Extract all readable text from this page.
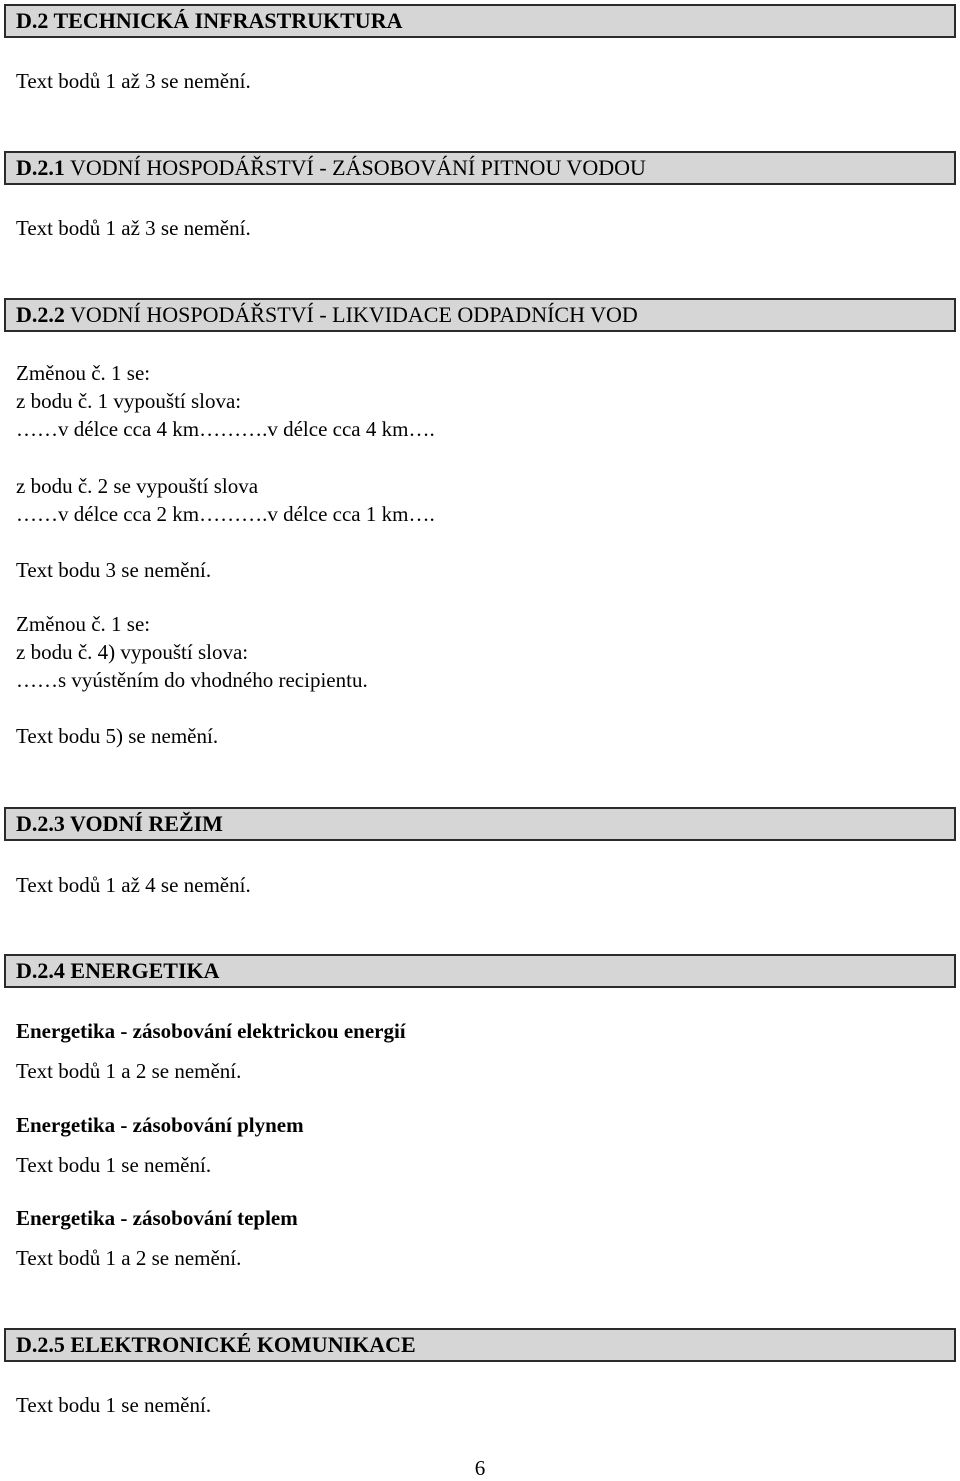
D.2 TECHNICKÁ INFRASTRUKTURA
Text bodů 1 až 3 se nemění.
D.2.1 VODNÍ HOSPODÁŘSTVÍ - ZÁSOBOVÁNÍ PITNOU VODOU
Text bodů 1 až 3 se nemění.
D.2.2 VODNÍ HOSPODÁŘSTVÍ - LIKVIDACE ODPADNÍCH VOD
Změnou č. 1 se:
z bodu č. 1 vypouští slova:
……v délce cca 4 km……….v délce cca 4 km….
z bodu č. 2 se vypouští slova
……v délce cca 2 km……….v délce cca 1 km….
Text bodu 3 se nemění.
Změnou č. 1 se:
z bodu č. 4) vypouští slova:
……s vyústěním do vhodného recipientu.
Text bodu 5) se nemění.
D.2.3 VODNÍ REŽIM
Text bodů 1 až 4 se nemění.
D.2.4 ENERGETIKA
Energetika - zásobování elektrickou energií
Text bodů 1 a 2 se nemění.
Energetika - zásobování plynem
Text bodu 1 se nemění.
Energetika - zásobování teplem
Text bodů 1 a 2 se nemění.
D.2.5 ELEKTRONICKÉ KOMUNIKACE
Text bodu 1 se nemění.
6
